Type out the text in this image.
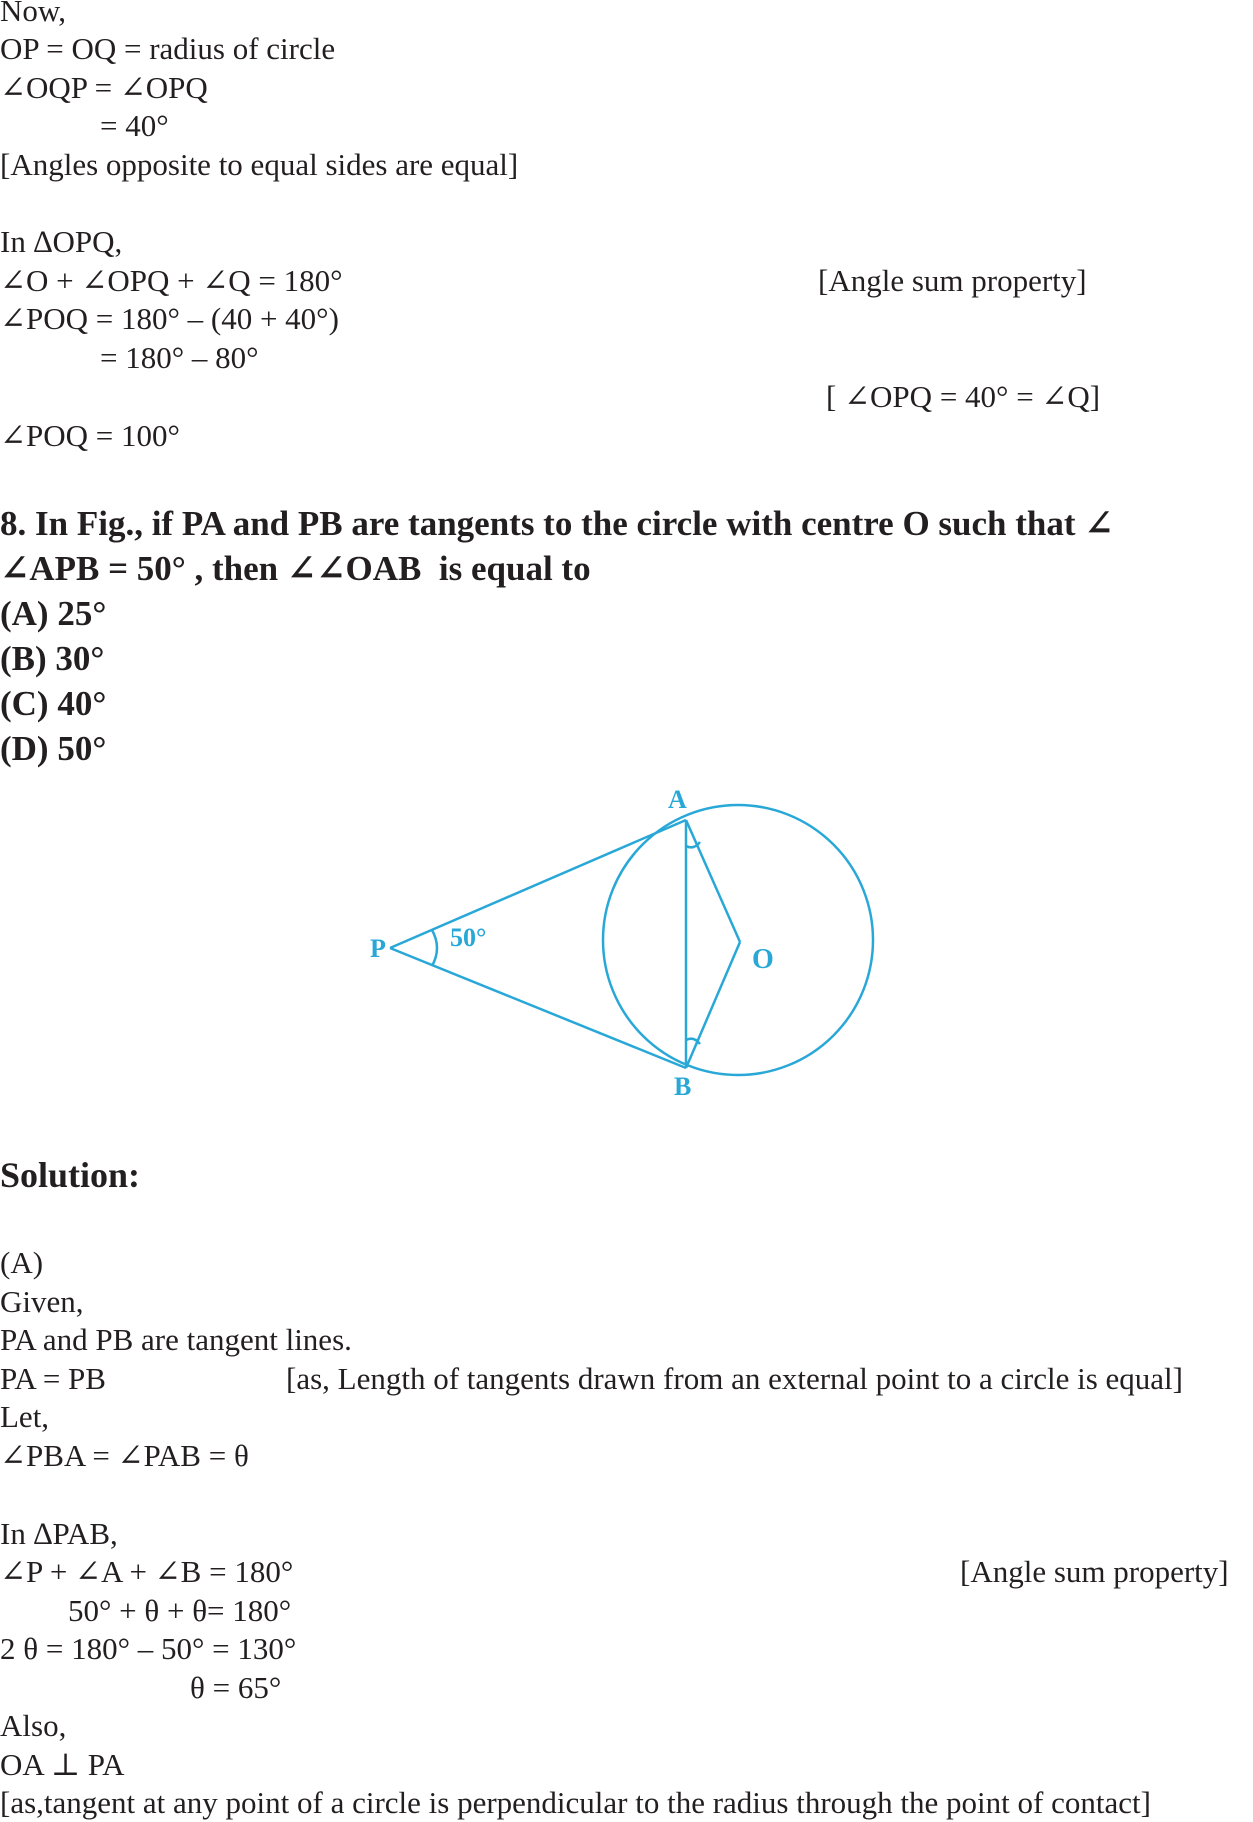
Now,

OP = OQ = radius of circle

∠OQP = ∠OPQ

= 40°

[Angles opposite to equal sides are equal]

In ∆OPQ,

∠O + ∠OPQ + ∠Q = 180°	[Angle sum property]

∠POQ = 180° – (40 + 40°)

= 180° – 80°

[ ∠OPQ = 40° = ∠Q]

∠POQ = 100°

8. In Fig., if PA and PB are tangents to the circle with centre O such that ∠

∠APB = 50° , then ∠∠OAB  is equal to

(A) 25°

(B) 30°

(C) 40°

(D) 50°

A
B
P	O
50°

Solution:

(A)

Given,

PA and PB are tangent lines.

PA = PB	[as, Length of tangents drawn from an external point to a circle is equal]

Let,

∠PBA = ∠PAB = θ

In ∆PAB,

∠P + ∠A + ∠B = 180°	[Angle sum property]

50° + θ + θ= 180°

2 θ = 180° – 50° = 130°

θ = 65°

Also,

OA ⊥ PA

[as,tangent at any point of a circle is perpendicular to the radius through the point of contact]
